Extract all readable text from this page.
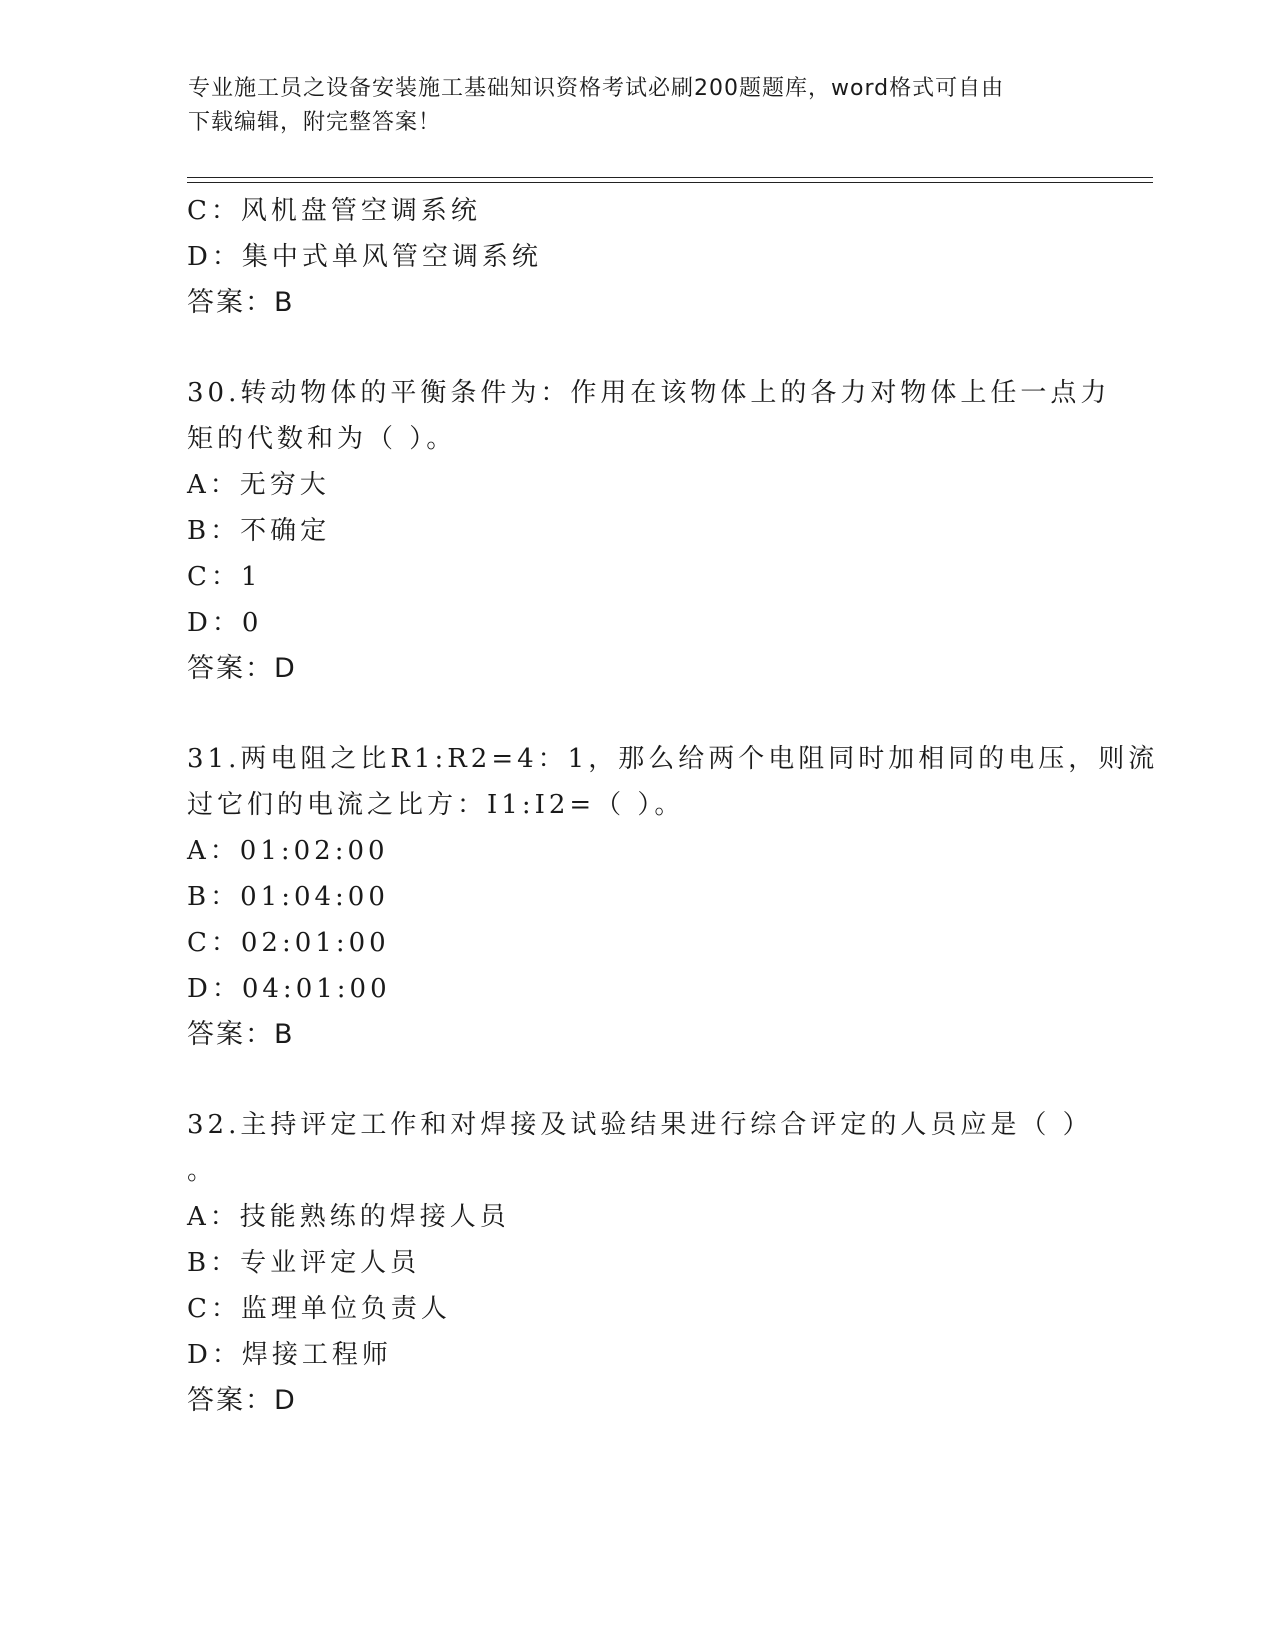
专业施工员之设备安装施工基础知识资格考试必刷200题题库，word格式可自由
下载编辑，附完整答案！
C：风机盘管空调系统
D：集中式单风管空调系统
答案：B
30.转动物体的平衡条件为：作用在该物体上的各力对物体上任一点力
矩的代数和为（ ）。
A：无穷大
B：不确定
C：1
D：0
答案：D
31.两电阻之比R1:R2=4：1，那么给两个电阻同时加相同的电压，则流
过它们的电流之比方：I1:I2=（ ）。
A：01:02:00
B：01:04:00
C：02:01:00
D：04:01:00
答案：B
32.主持评定工作和对焊接及试验结果进行综合评定的人员应是（ ）
。
A：技能熟练的焊接人员
B：专业评定人员
C：监理单位负责人
D：焊接工程师
答案：D
